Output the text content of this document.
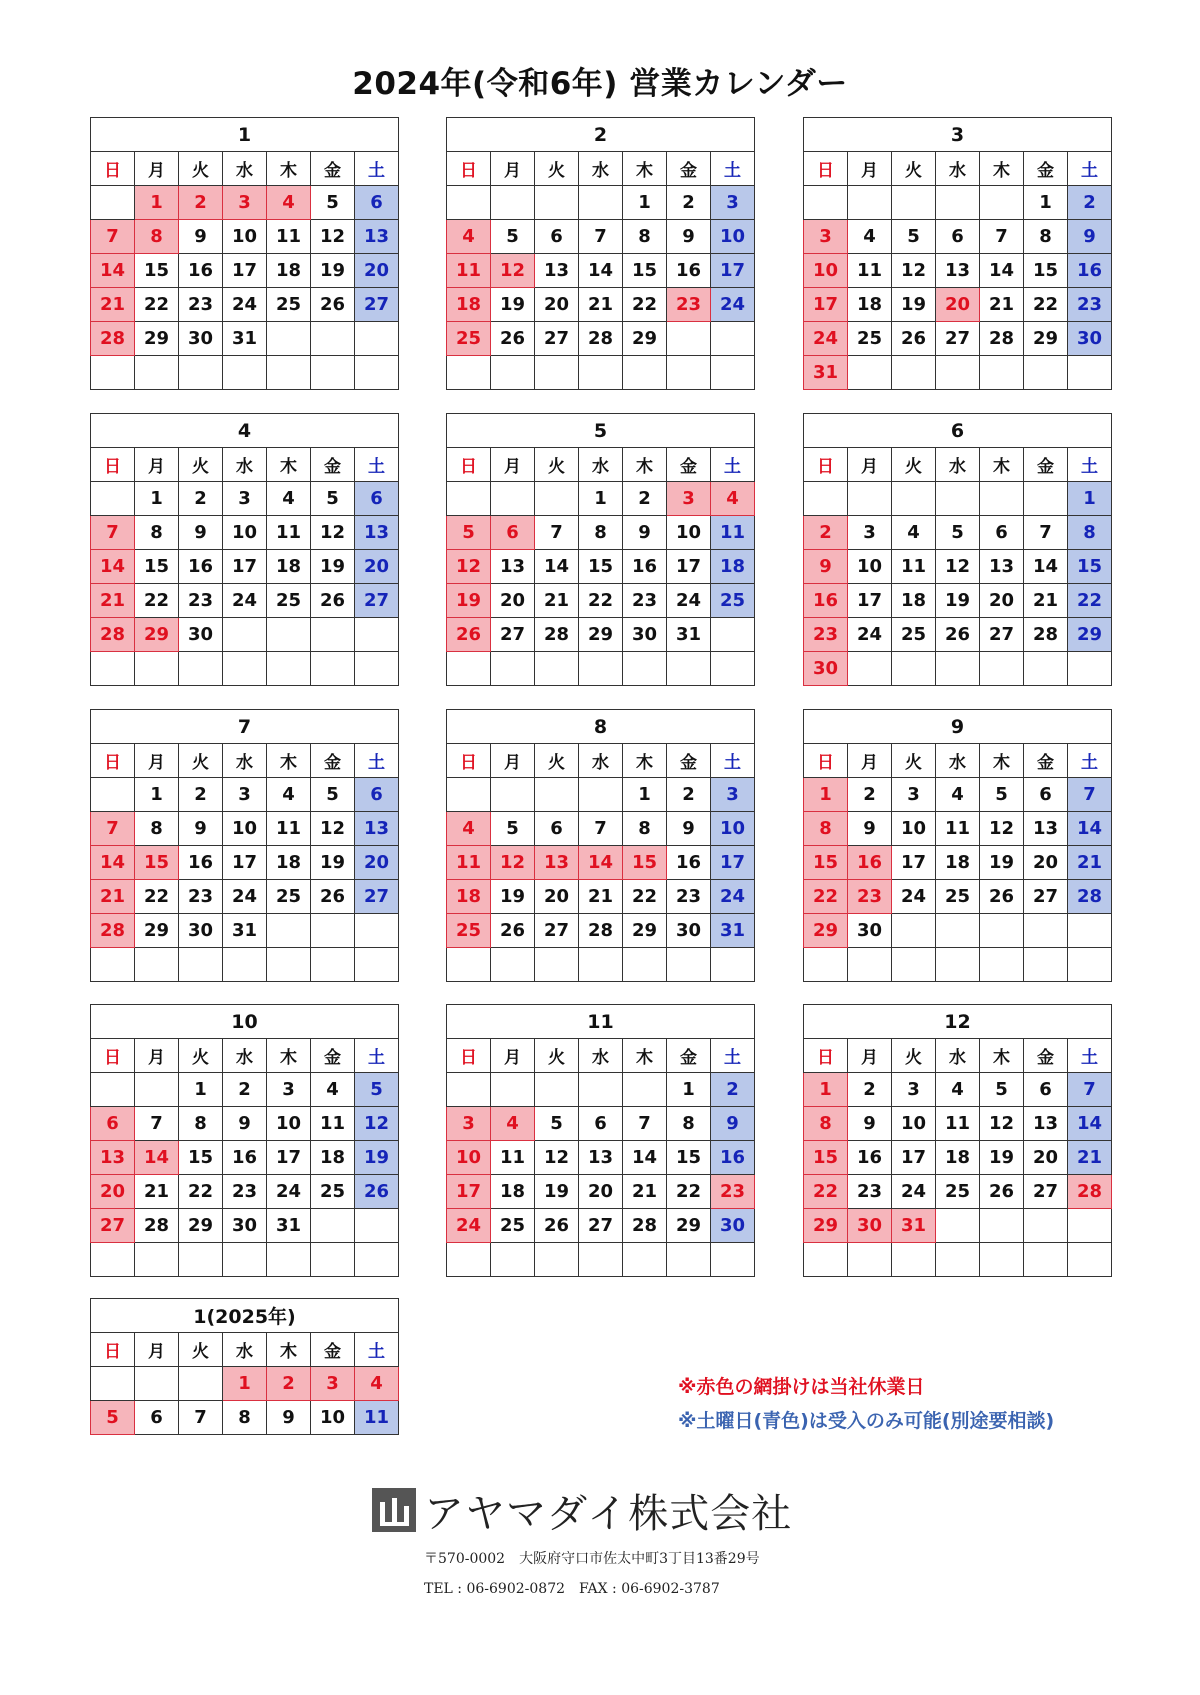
2024年(令和6年) 営業カレンダー
1						
日	月	火	水	木	金	土
	1	2	3	4	5	6
7	8	9	10	11	12	13
14	15	16	17	18	19	20
21	22	23	24	25	26	27
28	29	30	31			

2						
日	月	火	水	木	金	土
				1	2	3
4	5	6	7	8	9	10
11	12	13	14	15	16	17
18	19	20	21	22	23	24
25	26	27	28	29		

3						
日	月	火	水	木	金	土
					1	2
3	4	5	6	7	8	9
10	11	12	13	14	15	16
17	18	19	20	21	22	23
24	25	26	27	28	29	30
31						
4						
日	月	火	水	木	金	土
	1	2	3	4	5	6
7	8	9	10	11	12	13
14	15	16	17	18	19	20
21	22	23	24	25	26	27
28	29	30				

5						
日	月	火	水	木	金	土
			1	2	3	4
5	6	7	8	9	10	11
12	13	14	15	16	17	18
19	20	21	22	23	24	25
26	27	28	29	30	31	

6						
日	月	火	水	木	金	土
						1
2	3	4	5	6	7	8
9	10	11	12	13	14	15
16	17	18	19	20	21	22
23	24	25	26	27	28	29
30						
7						
日	月	火	水	木	金	土
	1	2	3	4	5	6
7	8	9	10	11	12	13
14	15	16	17	18	19	20
21	22	23	24	25	26	27
28	29	30	31			

8						
日	月	火	水	木	金	土
				1	2	3
4	5	6	7	8	9	10
11	12	13	14	15	16	17
18	19	20	21	22	23	24
25	26	27	28	29	30	31

9						
日	月	火	水	木	金	土
1	2	3	4	5	6	7
8	9	10	11	12	13	14
15	16	17	18	19	20	21
22	23	24	25	26	27	28
29	30					

10						
日	月	火	水	木	金	土
		1	2	3	4	5
6	7	8	9	10	11	12
13	14	15	16	17	18	19
20	21	22	23	24	25	26
27	28	29	30	31		

11						
日	月	火	水	木	金	土
					1	2
3	4	5	6	7	8	9
10	11	12	13	14	15	16
17	18	19	20	21	22	23
24	25	26	27	28	29	30

12						
日	月	火	水	木	金	土
1	2	3	4	5	6	7
8	9	10	11	12	13	14
15	16	17	18	19	20	21
22	23	24	25	26	27	28
29	30	31				

1(2025年)						
日	月	火	水	木	金	土
			1	2	3	4
5	6	7	8	9	10	11
※赤色の網掛けは当社休業日
※土曜日(青色)は受入のみ可能(別途要相談)
アヤマダイ株式会社
〒570-0002　大阪府守口市佐太中町3丁目13番29号
TEL : 06-6902-0872　FAX : 06-6902-3787
